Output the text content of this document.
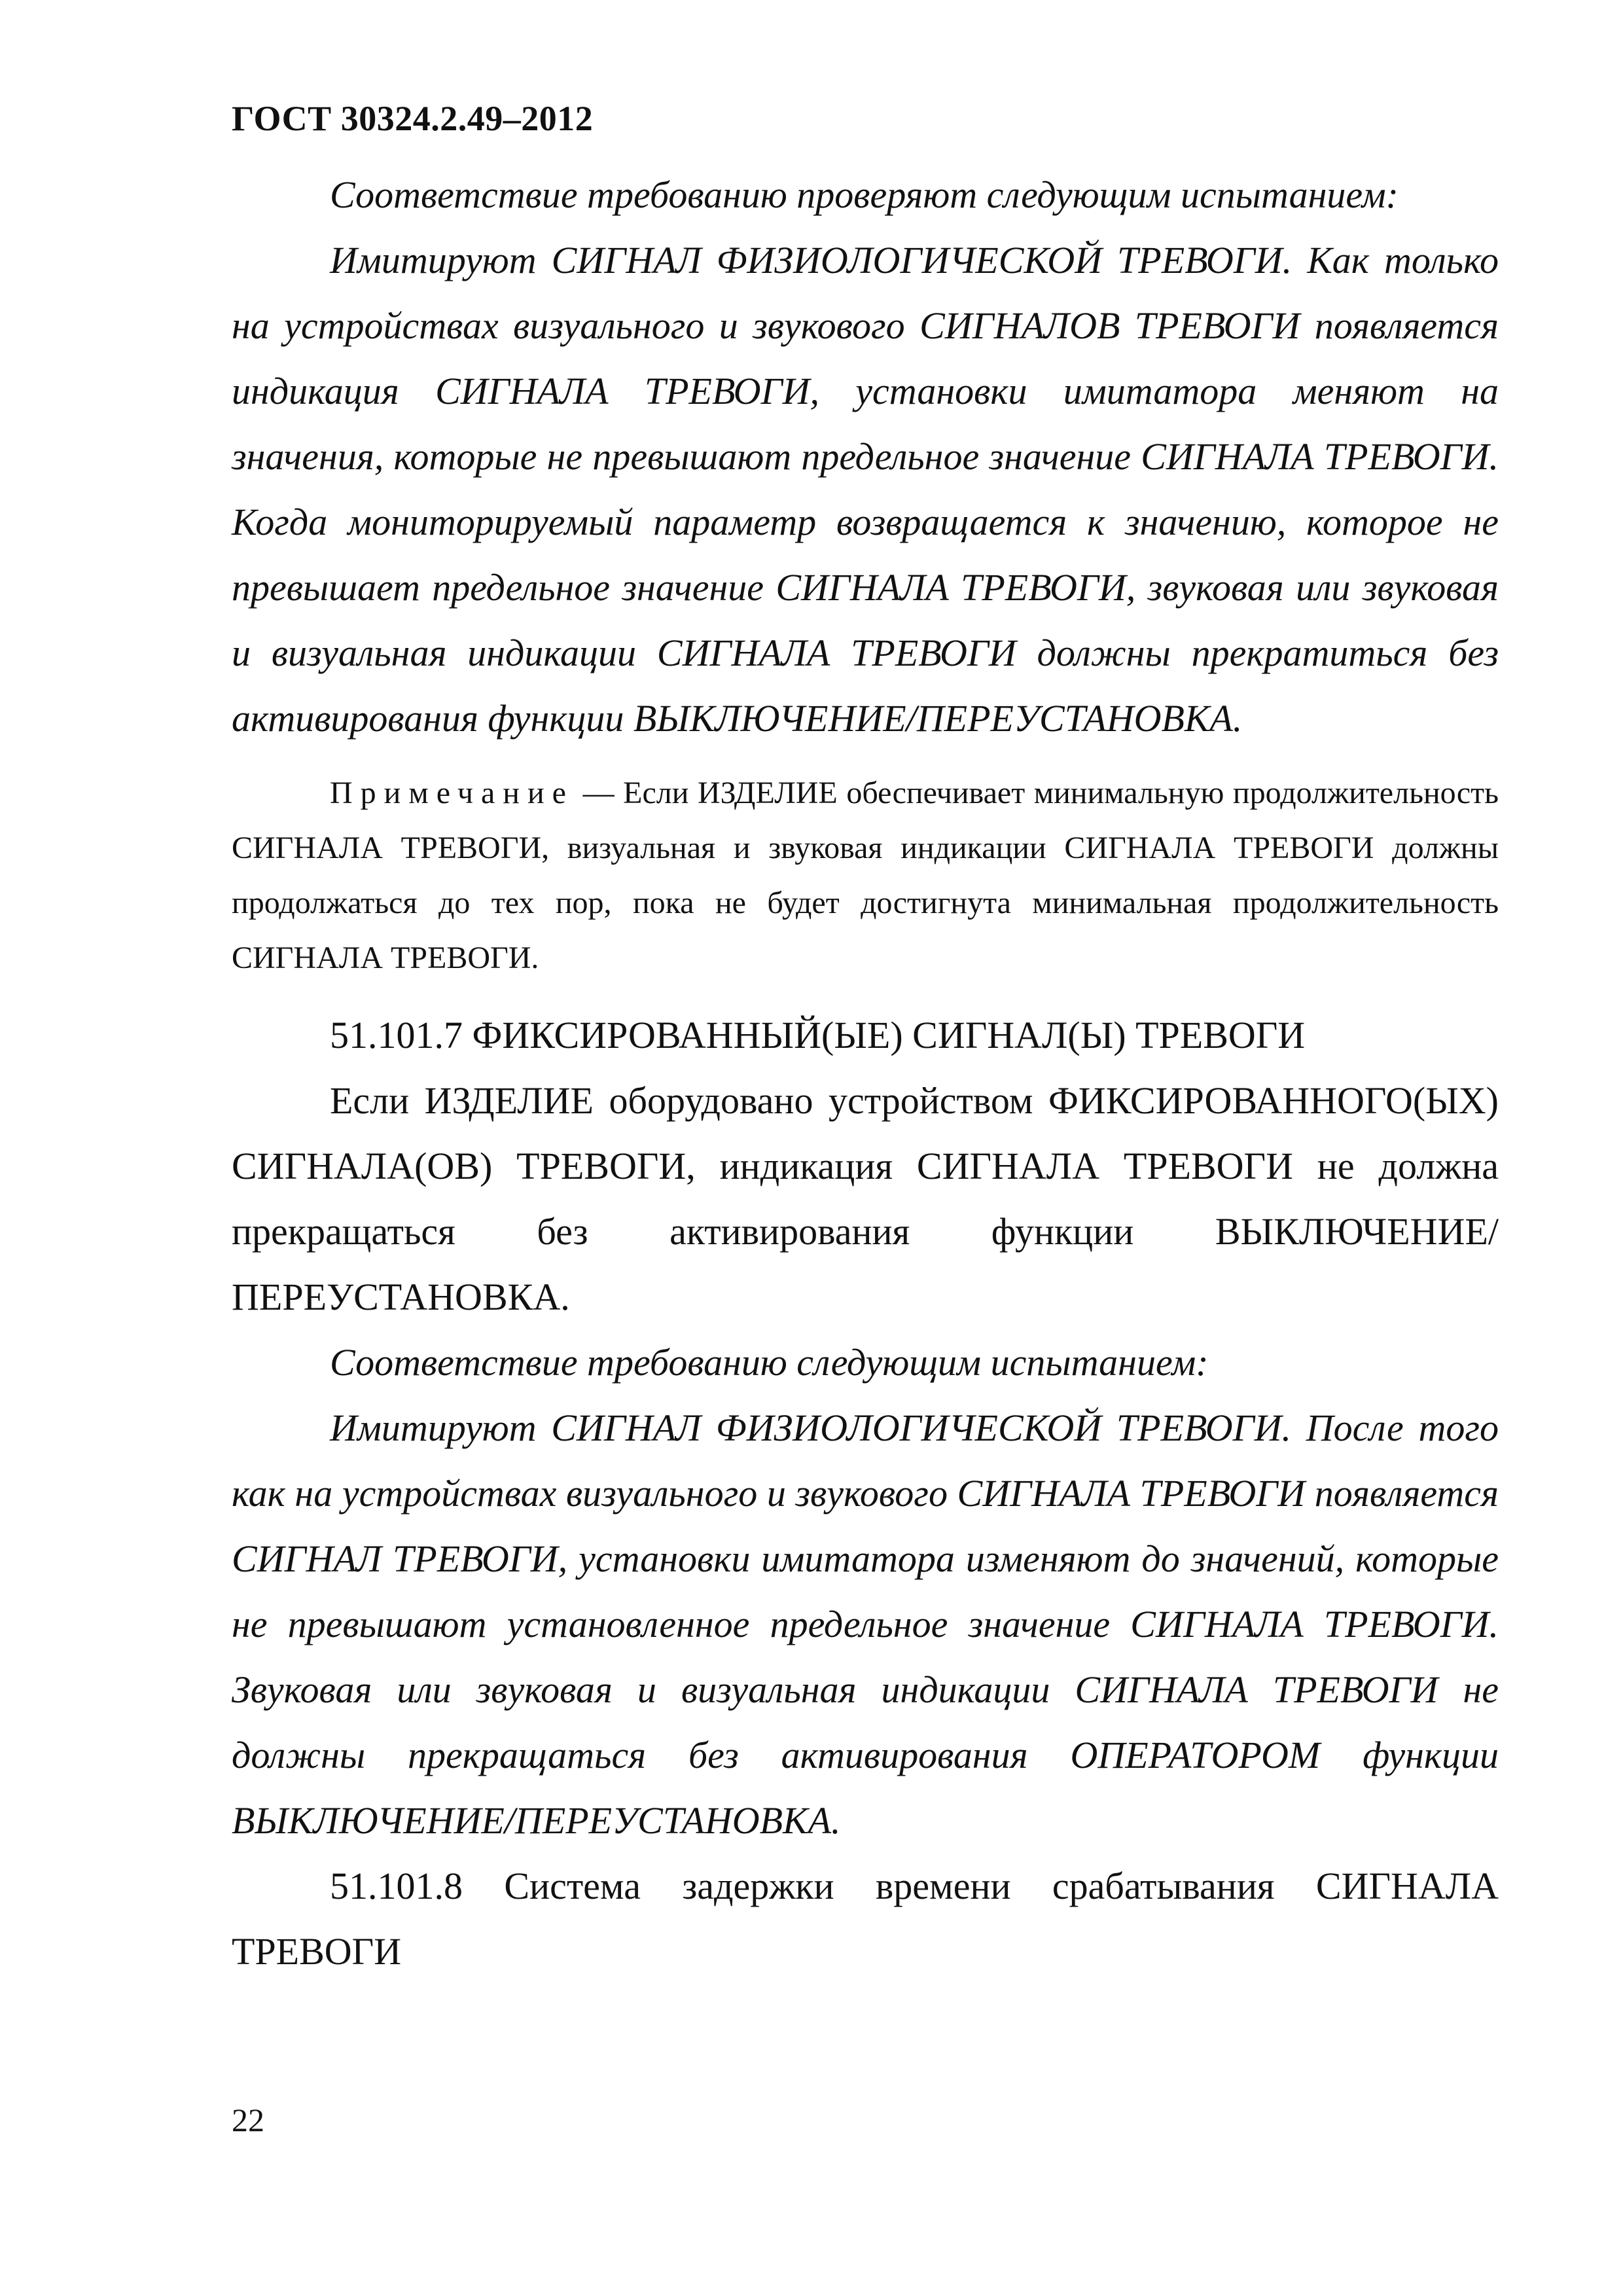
ГОСТ 30324.2.49–2012

Соответствие требованию проверяют следующим испытанием:

Имитируют СИГНАЛ ФИЗИОЛОГИЧЕСКОЙ ТРЕВОГИ. Как только на устройствах визуального и звукового СИГНАЛОВ ТРЕВОГИ появляется индикация СИГНАЛА ТРЕВОГИ, установки имитатора меняют на значения, которые не превышают предельное значение СИГНАЛА ТРЕВОГИ. Когда мониторируемый параметр возвращается к значению, которое не превышает предельное значение СИГНАЛА ТРЕВОГИ, звуковая или звуковая и визуальная индикации СИГНАЛА ТРЕВОГИ должны прекратиться без активирования функции ВЫКЛЮЧЕНИЕ/ПЕРЕУСТАНОВКА.

Примечание — Если ИЗДЕЛИЕ обеспечивает минимальную продолжительность СИГНАЛА ТРЕВОГИ, визуальная и звуковая индикации СИГНАЛА ТРЕВОГИ должны продолжаться до тех пор, пока не будет достигнута минимальная продолжительность СИГНАЛА ТРЕВОГИ.

51.101.7 ФИКСИРОВАННЫЙ(ЫЕ) СИГНАЛ(Ы) ТРЕВОГИ

Если ИЗДЕЛИЕ оборудовано устройством ФИКСИРОВАННОГО(ЫХ) СИГНАЛА(ОВ) ТРЕВОГИ, индикация СИГНАЛА ТРЕВОГИ не должна прекращаться без активирования функции ВЫКЛЮЧЕНИЕ/ПЕРЕУСТАНОВКА.

Соответствие требованию следующим испытанием:

Имитируют СИГНАЛ ФИЗИОЛОГИЧЕСКОЙ ТРЕВОГИ. После того как на устройствах визуального и звукового СИГНАЛА ТРЕВОГИ появляется СИГНАЛ ТРЕВОГИ, установки имитатора изменяют до значений, которые не превышают установленное предельное значение СИГНАЛА ТРЕВОГИ. Звуковая или звуковая и визуальная индикации СИГНАЛА ТРЕВОГИ не должны прекращаться без активирования ОПЕРАТОРОМ функции ВЫКЛЮЧЕНИЕ/ПЕРЕУСТАНОВКА.

51.101.8 Система задержки времени срабатывания СИГНАЛА ТРЕВОГИ

22
